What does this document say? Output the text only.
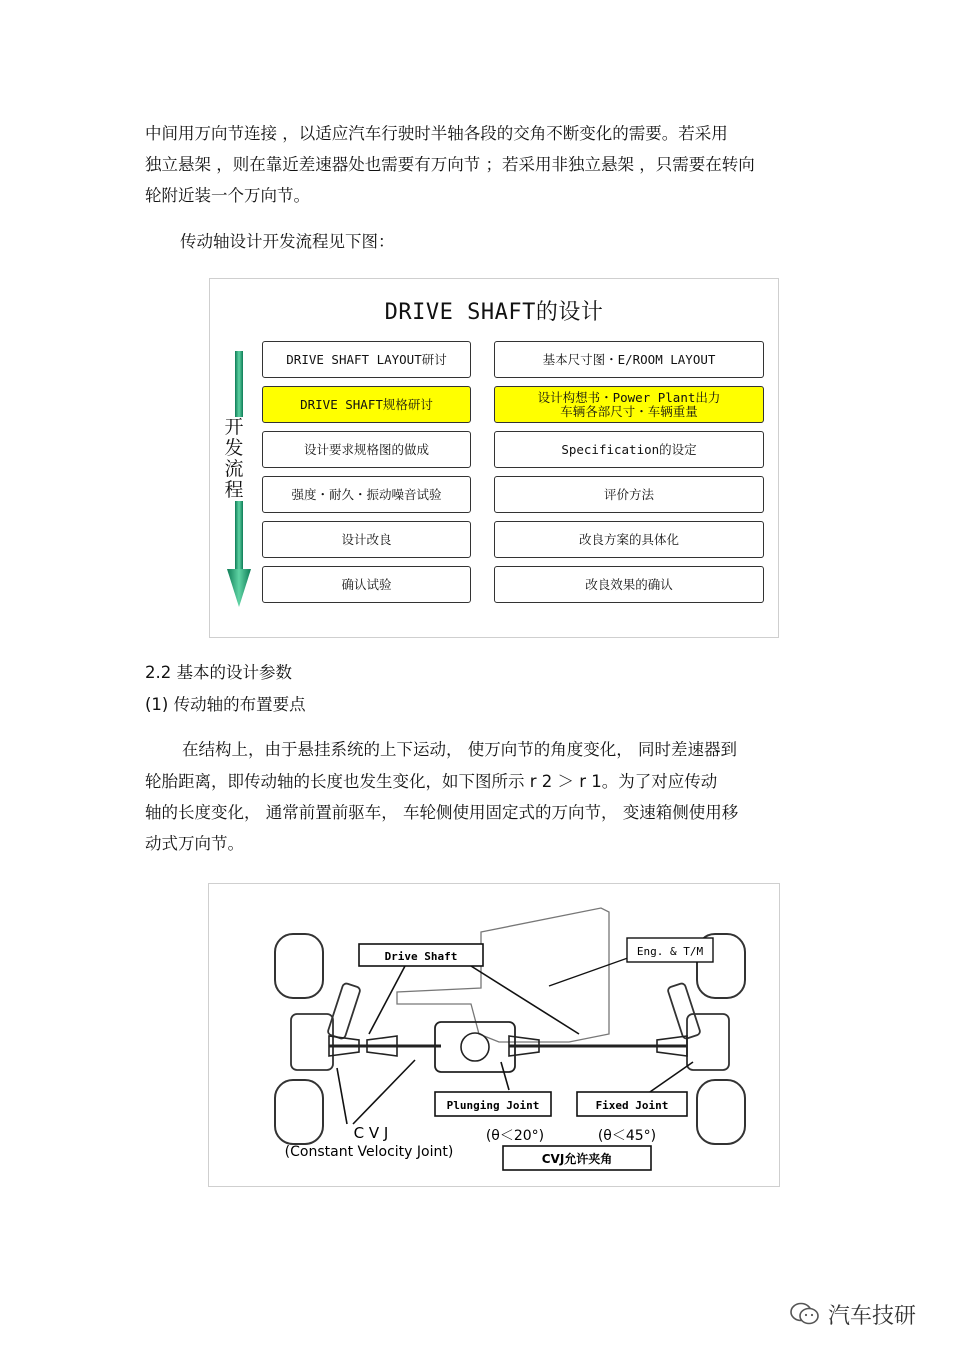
中间用万向节连接 ，以适应汽车行驶时半轴各段的交角不断变化的需要。若采用

独立悬架 ，则在靠近差速器处也需要有万向节 ；若采用非独立悬架 ，只需要在转向

轮附近装一个万向节。

传动轴设计开发流程见下图：

DRIVE SHAFT的设计
开发流程
DRIVE SHAFT LAYOUT研讨
DRIVE SHAFT规格研讨
设计要求规格图的做成
强度・耐久・振动噪音试验
设计改良
确认试验
基本尺寸图・E/ROOM LAYOUT
设计构想书・Power Plant出力
车辆各部尺寸・车辆重量
Specification的设定
评价方法
改良方案的具体化
改良效果的确认
2.2 基本的设计参数
(1) 传动轴的布置要点

在结构上，由于悬挂系统的上下运动， 使万向节的角度变化， 同时差速器到

轮胎距离，即传动轴的长度也发生变化，如下图所示 r 2 ＞ r 1。为了对应传动

轴的长度变化， 通常前置前驱车， 车轮侧使用固定式的万向节， 变速箱侧使用移

动式万向节。

Drive Shaft	Eng. & T/M
Plunging Joint	Fixed Joint
CVJ允许夹角
C V J
(Constant Velocity Joint)
(θ＜20°)	(θ＜45°)
汽车技研
